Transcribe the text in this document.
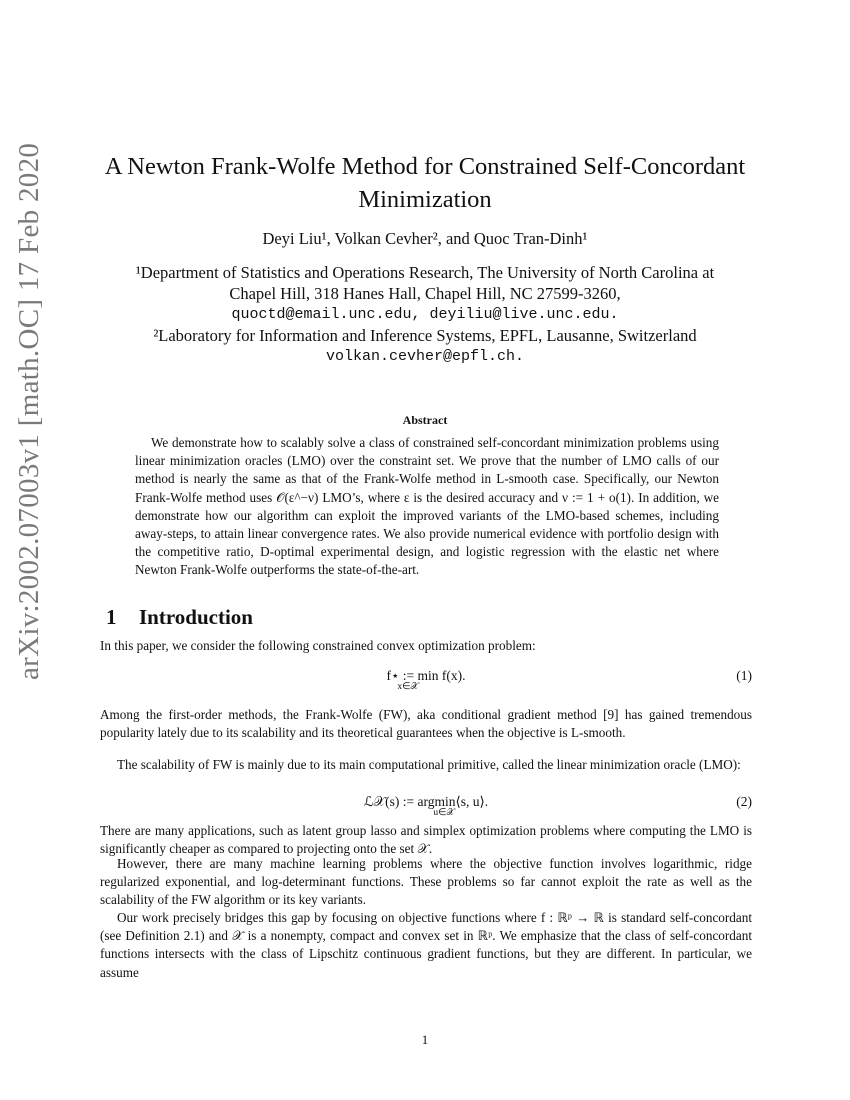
arXiv:2002.07003v1 [math.OC] 17 Feb 2020	A Newton Frank-Wolfe Method for Constrained Self-Concordant
Minimization
Deyi Liu¹, Volkan Cevher², and Quoc Tran-Dinh¹
¹Department of Statistics and Operations Research, The University of North Carolina at
Chapel Hill, 318 Hanes Hall, Chapel Hill, NC 27599-3260,
quoctd@email.unc.edu, deyiliu@live.unc.edu.
²Laboratory for Information and Inference Systems, EPFL, Lausanne, Switzerland
volkan.cevher@epfl.ch.
Abstract
We demonstrate how to scalably solve a class of constrained self-concordant minimization problems using linear minimization oracles (LMO) over the constraint set. We prove that the number of LMO calls of our method is nearly the same as that of the Frank-Wolfe method in L-smooth case. Specifically, our Newton Frank-Wolfe method uses 𝒪(ε^−ν) LMO’s, where ε is the desired accuracy and ν := 1 + o(1). In addition, we demonstrate how our algorithm can exploit the improved variants of the LMO-based schemes, including away-steps, to attain linear convergence rates. We also provide numerical evidence with portfolio design with the competitive ratio, D-optimal experimental design, and logistic regression with the elastic net where Newton Frank-Wolfe outperforms the state-of-the-art.
1 Introduction
In this paper, we consider the following constrained convex optimization problem:
f⋆ := min f(x).
x∈𝒳
(1)
Among the first-order methods, the Frank-Wolfe (FW), aka conditional gradient method [9] has gained tremendous popularity lately due to its scalability and its theoretical guarantees when the objective is L-smooth.
The scalability of FW is mainly due to its main computational primitive, called the linear minimization oracle (LMO):
ℒ𝒳(s) := argmin⟨s, u⟩.
u∈𝒳
(2)
There are many applications, such as latent group lasso and simplex optimization problems where computing the LMO is significantly cheaper as compared to projecting onto the set 𝒳.
However, there are many machine learning problems where the objective function involves logarithmic, ridge regularized exponential, and log-determinant functions. These problems so far cannot exploit the rate as well as the scalability of the FW algorithm or its key variants.
Our work precisely bridges this gap by focusing on objective functions where f : ℝᵖ → ℝ is standard self-concordant (see Definition 2.1) and 𝒳 is a nonempty, compact and convex set in ℝᵖ. We emphasize that the class of self-concordant functions intersects with the class of Lipschitz continuous gradient functions, but they are different. In particular, we assume
1
